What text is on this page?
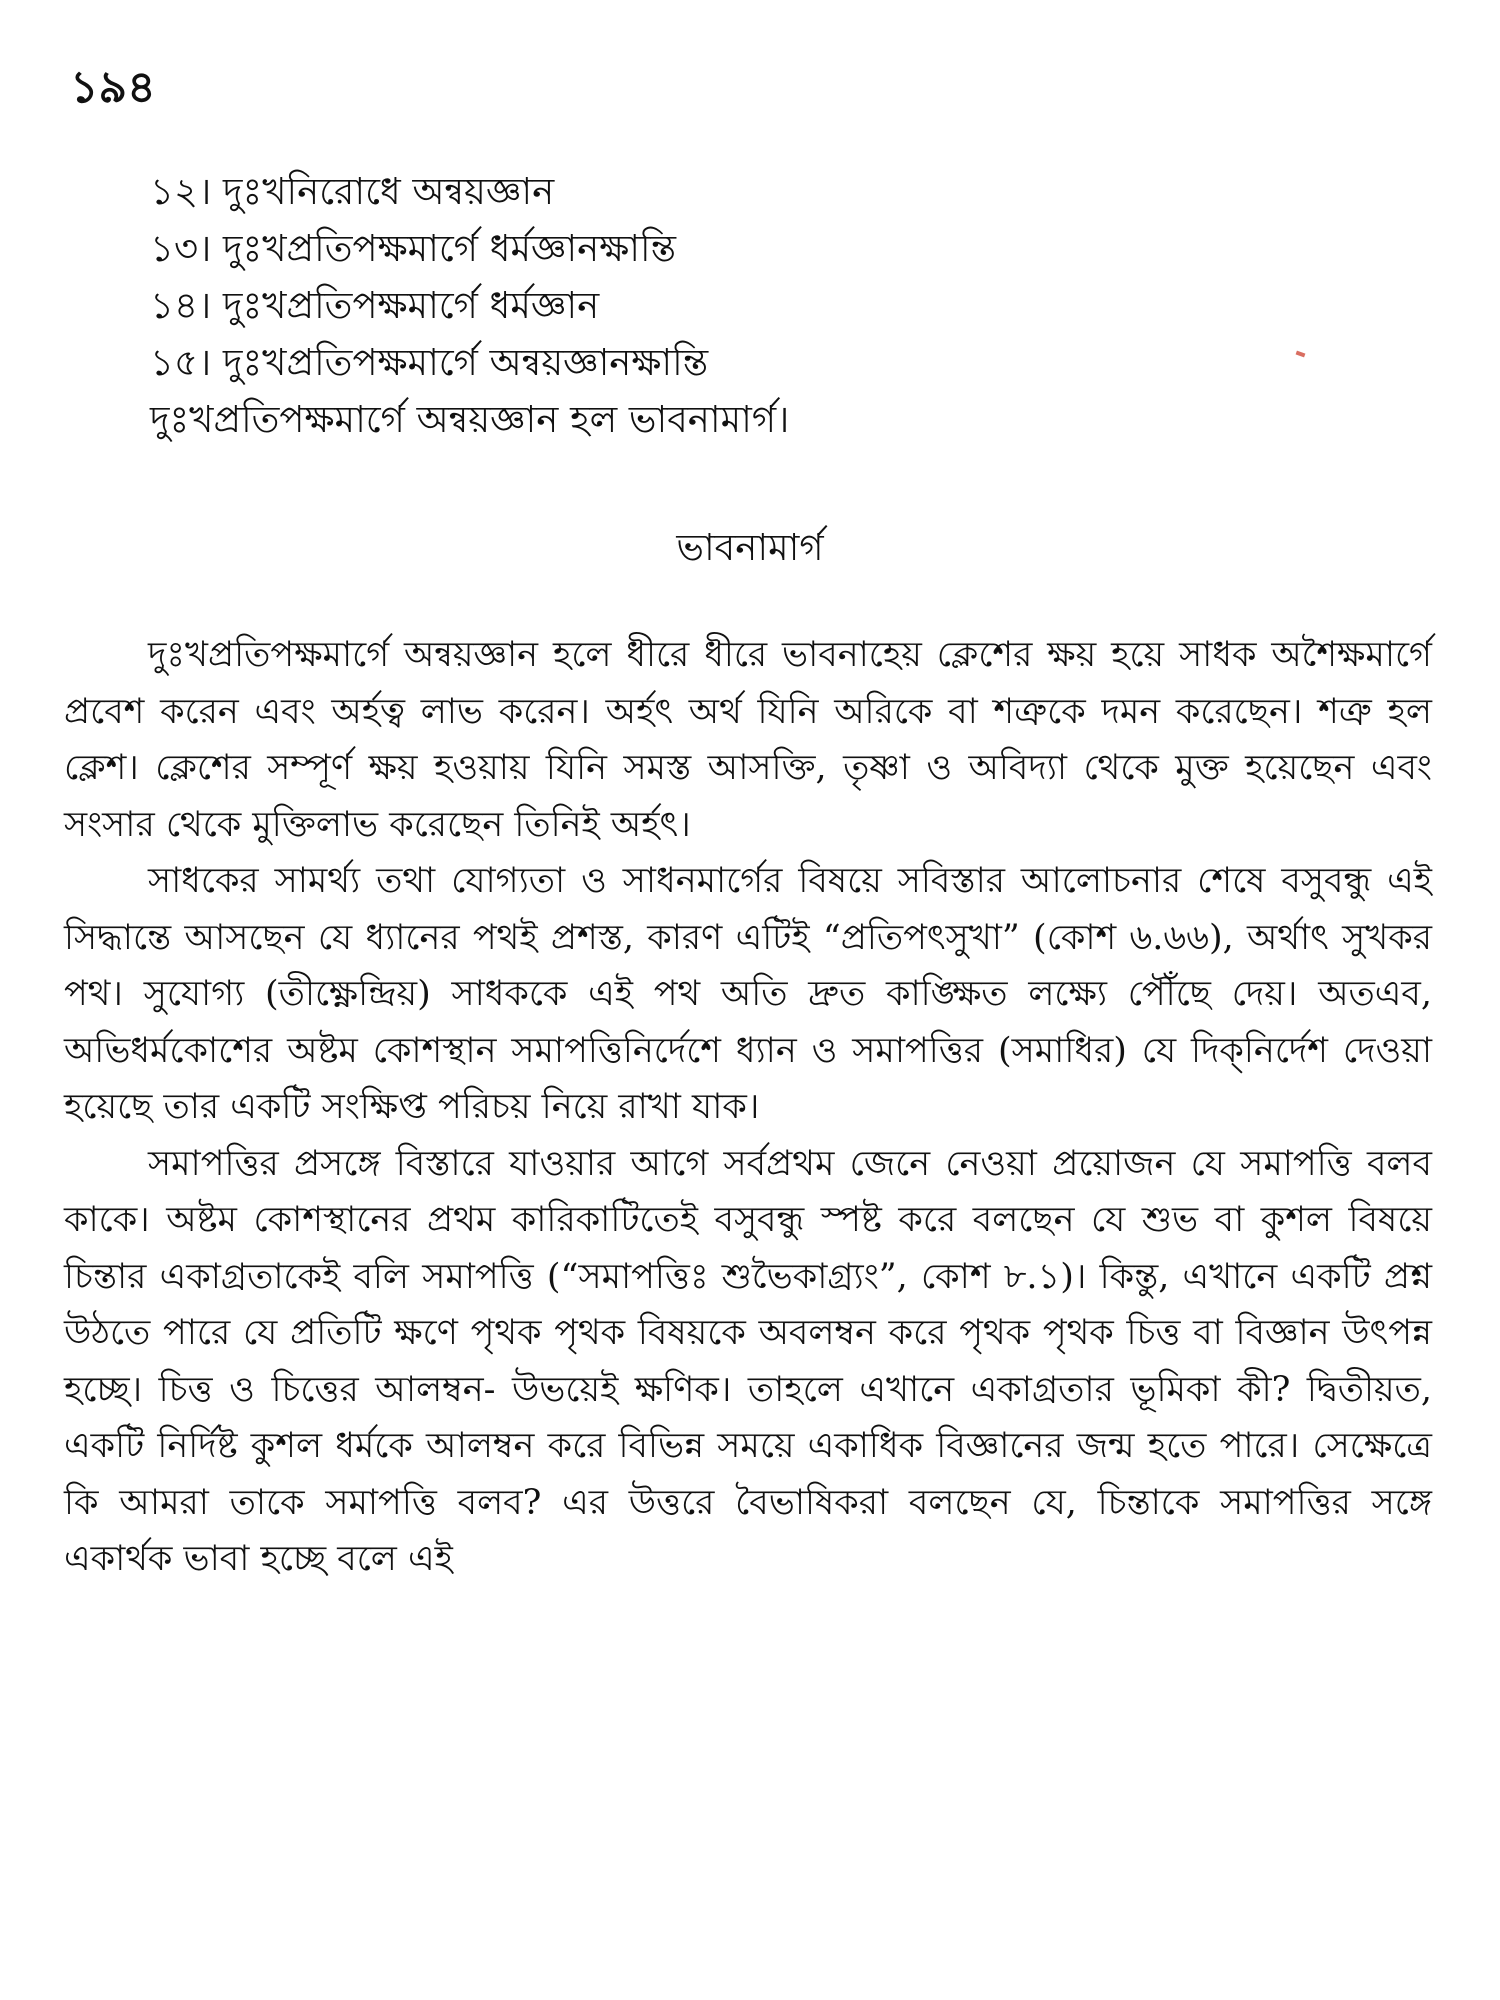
১৯৪
১২। দুঃখনিরোধে অন্বয়জ্ঞান
১৩। দুঃখপ্রতিপক্ষমার্গে ধর্মজ্ঞানক্ষান্তি
১৪। দুঃখপ্রতিপক্ষমার্গে ধর্মজ্ঞান
১৫। দুঃখপ্রতিপক্ষমার্গে অন্বয়জ্ঞানক্ষান্তি
দুঃখপ্রতিপক্ষমার্গে অন্বয়জ্ঞান হল ভাবনামার্গ।
ভাবনামার্গ

দুঃখপ্রতিপক্ষমার্গে অন্বয়জ্ঞান হলে ধীরে ধীরে ভাবনাহেয় ক্লেশের ক্ষয় হয়ে সাধক অশৈক্ষমার্গে প্রবেশ করেন এবং অর্হত্ব লাভ করেন। অর্হৎ অর্থ যিনি অরিকে বা শত্রুকে দমন করেছেন। শত্রু হল ক্লেশ। ক্লেশের সম্পূর্ণ ক্ষয় হওয়ায় যিনি সমস্ত আসক্তি, তৃষ্ণা ও অবিদ্যা থেকে মুক্ত হয়েছেন এবং সংসার থেকে মুক্তিলাভ করেছেন তিনিই অর্হৎ।

সাধকের সামর্থ্য তথা যোগ্যতা ও সাধনমার্গের বিষয়ে সবিস্তার আলোচনার শেষে বসুবন্ধু এই সিদ্ধান্তে আসছেন যে ধ্যানের পথই প্রশস্ত, কারণ এটিই “প্রতিপৎসুখা” (কোশ ৬.৬৬), অর্থাৎ সুখকর পথ। সুযোগ্য (তীক্ষ্ণেন্দ্রিয়) সাধককে এই পথ অতি দ্রুত কাঙ্ক্ষিত লক্ষ্যে পৌঁছে দেয়। অতএব, অভিধর্মকোশের অষ্টম কোশস্থান সমাপত্তিনির্দেশে ধ্যান ও সমাপত্তির (সমাধির) যে দিক্‌নির্দেশ দেওয়া হয়েছে তার একটি সংক্ষিপ্ত পরিচয় নিয়ে রাখা যাক।

সমাপত্তির প্রসঙ্গে বিস্তারে যাওয়ার আগে সর্বপ্রথম জেনে নেওয়া প্রয়োজন যে সমাপত্তি বলব কাকে। অষ্টম কোশস্থানের প্রথম কারিকাটিতেই বসুবন্ধু স্পষ্ট করে বলছেন যে শুভ বা কুশল বিষয়ে চিন্তার একাগ্রতাকেই বলি সমাপত্তি (“সমাপত্তিঃ শুভৈকাগ্র্যং”, কোশ ৮.১)। কিন্তু, এখানে একটি প্রশ্ন উঠতে পারে যে প্রতিটি ক্ষণে পৃথক পৃথক বিষয়কে অবলম্বন করে পৃথক পৃথক চিত্ত বা বিজ্ঞান উৎপন্ন হচ্ছে। চিত্ত ও চিত্তের আলম্বন- উভয়েই ক্ষণিক। তাহলে এখানে একাগ্রতার ভূমিকা কী? দ্বিতীয়ত, একটি নির্দিষ্ট কুশল ধর্মকে আলম্বন করে বিভিন্ন সময়ে একাধিক বিজ্ঞানের জন্ম হতে পারে। সেক্ষেত্রে কি আমরা তাকে সমাপত্তি বলব? এর উত্তরে বৈভাষিকরা বলছেন যে, চিন্তাকে সমাপত্তির সঙ্গে একার্থক ভাবা হচ্ছে বলে এই
